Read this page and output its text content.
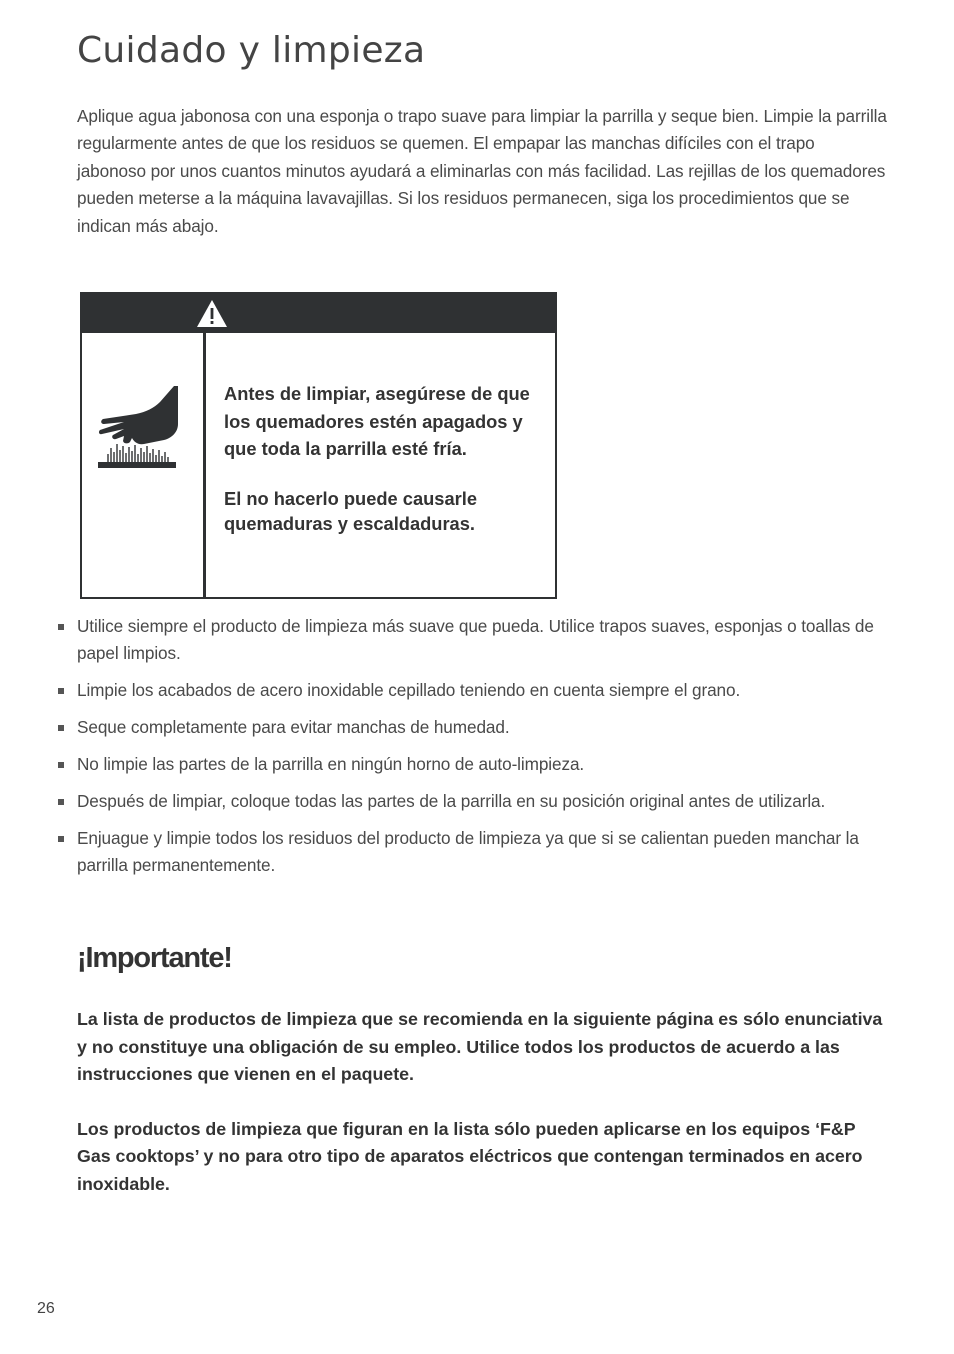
Cuidado y limpieza

Aplique agua jabonosa con una esponja o trapo suave para limpiar la parrilla y seque bien. Limpie la parrilla regularmente antes de que los residuos se quemen. El empapar las manchas difíciles con el trapo jabonoso por unos cuantos minutos ayudará a eliminarlas con más facilidad. Las rejillas de los quemadores pueden meterse a la máquina lavavajillas. Si los residuos permanecen, siga los procedimientos que se indican más abajo.

Antes de limpiar, asegúrese de que los quemadores estén apagados y que toda la parrilla esté fría.

El no hacerlo puede causarle quemaduras y escaldaduras.

Utilice siempre el producto de limpieza más suave que pueda. Utilice trapos suaves, esponjas o toallas de papel limpios.
Limpie los acabados de acero inoxidable cepillado teniendo en cuenta siempre el grano.
Seque completamente para evitar manchas de humedad.
No limpie las partes de la parrilla en ningún horno de auto-limpieza.
Después de limpiar, coloque todas las partes de la parrilla en su posición original antes de utilizarla.
Enjuague y limpie todos los residuos del producto de limpieza ya que si se calientan pueden manchar la parrilla permanentemente.
¡Importante!

La lista de productos de limpieza que se recomienda en la siguiente página es sólo enunciativa y no constituye una obligación de su empleo. Utilice todos los productos de acuerdo a las instrucciones que vienen en el paquete.

Los productos de limpieza que figuran en la lista sólo pueden aplicarse en los equipos ‘F&P Gas cooktops’ y no para otro tipo de aparatos eléctricos que contengan terminados en acero inoxidable.

26
